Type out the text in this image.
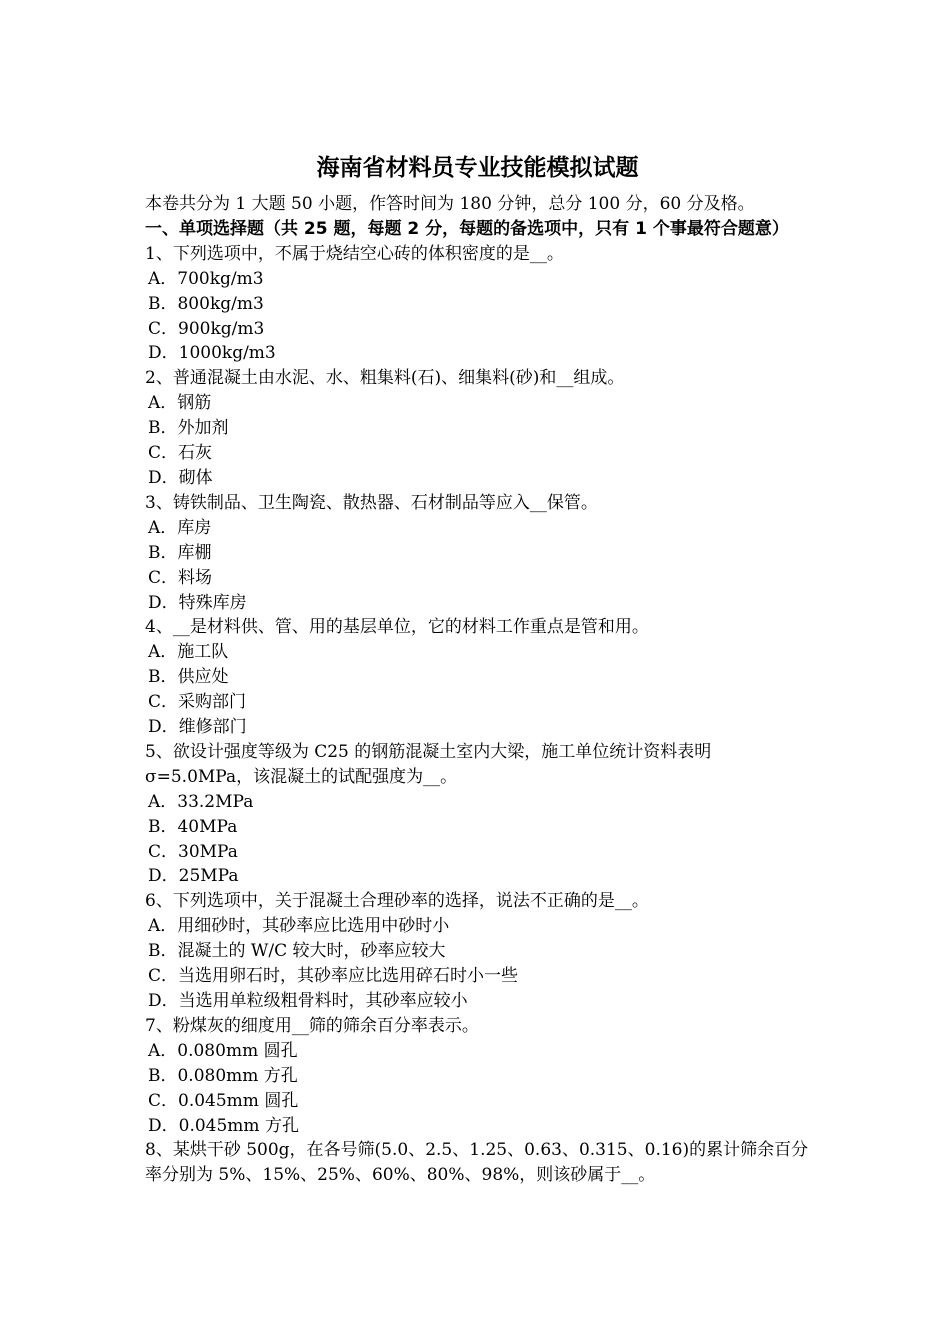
海南省材料员专业技能模拟试题
本卷共分为 1 大题 50 小题，作答时间为 180 分钟，总分 100 分，60 分及格。
一、单项选择题（共 25 题，每题 2 分，每题的备选项中，只有 1 个事最符合题意）
1、下列选项中，不属于烧结空心砖的体积密度的是__。
A．700kg/m3
B．800kg/m3
C．900kg/m3
D．1000kg/m3
2、普通混凝土由水泥、水、粗集料(石)、细集料(砂)和__组成。
A．钢筋
B．外加剂
C．石灰
D．砌体
3、铸铁制品、卫生陶瓷、散热器、石材制品等应入__保管。
A．库房
B．库棚
C．料场
D．特殊库房
4、__是材料供、管、用的基层单位，它的材料工作重点是管和用。
A．施工队
B．供应处
C．采购部门
D．维修部门
5、欲设计强度等级为 C25 的钢筋混凝土室内大梁，施工单位统计资料表明σ=5.0MPa，该混凝土的试配强度为__。
A．33.2MPa
B．40MPa
C．30MPa
D．25MPa
6、下列选项中，关于混凝土合理砂率的选择，说法不正确的是__。
A．用细砂时，其砂率应比选用中砂时小
B．混凝土的 W/C 较大时，砂率应较大
C．当选用卵石时，其砂率应比选用碎石时小一些
D．当选用单粒级粗骨料时，其砂率应较小
7、粉煤灰的细度用__筛的筛余百分率表示。
A．0.080mm 圆孔
B．0.080mm 方孔
C．0.045mm 圆孔
D．0.045mm 方孔
8、某烘干砂 500g，在各号筛(5.0、2.5、1.25、0.63、0.315、0.16)的累计筛余百分率分别为 5%、15%、25%、60%、80%、98%，则该砂属于__。
